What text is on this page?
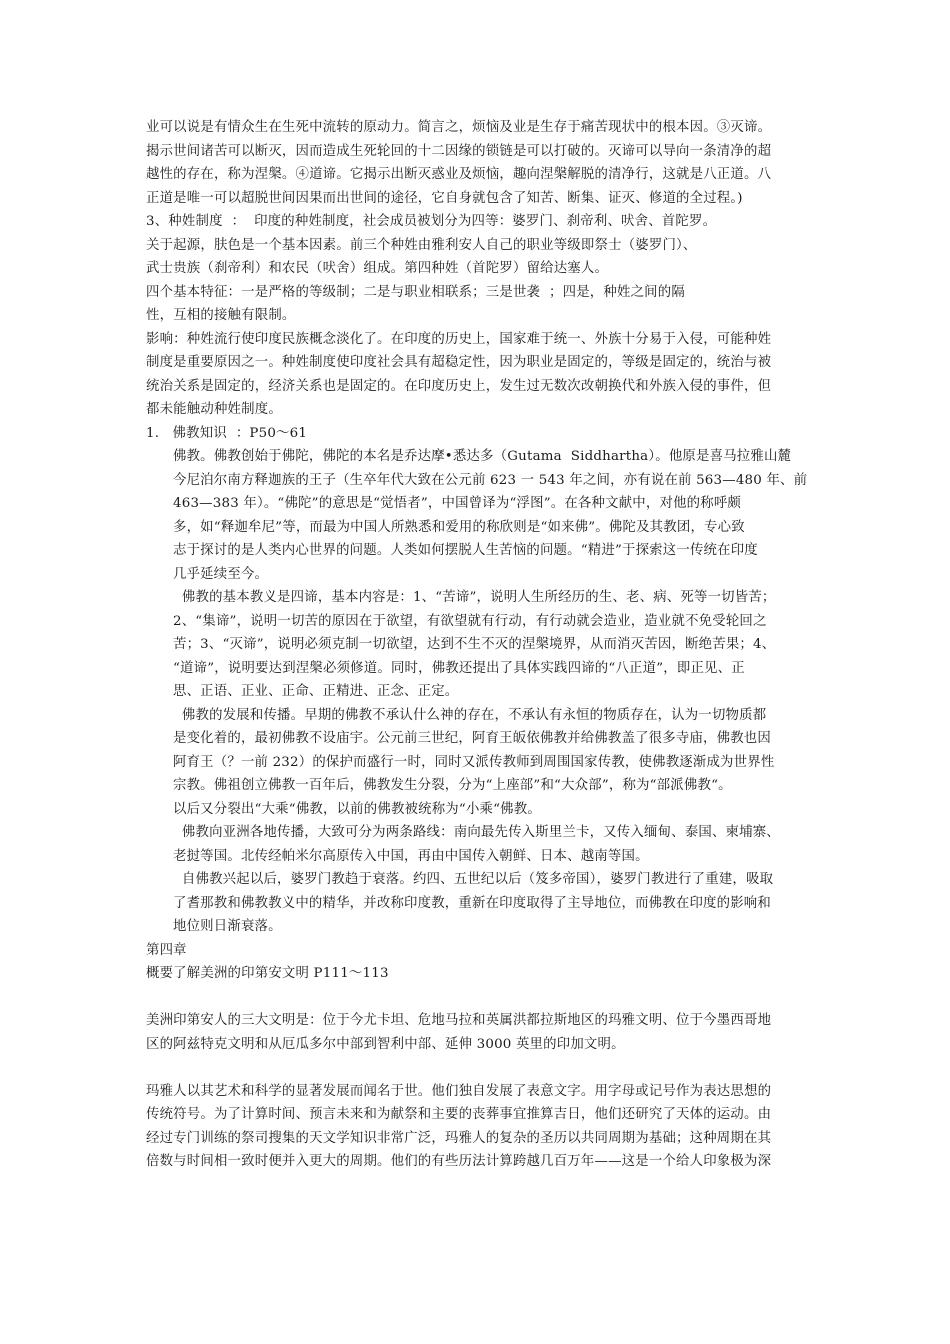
业可以说是有情众生在生死中流转的原动力。简言之，烦恼及业是生存于痛苦现状中的根本因。③灭谛。
揭示世间诸苦可以断灭，因而造成生死轮回的十二因缘的锁链是可以打破的。灭谛可以导向一条清净的超
越性的存在，称为涅槃。④道谛。它揭示出断灭惑业及烦恼，趣向涅槃解脱的清净行，这就是八正道。八
正道是唯一可以超脱世间因果而出世间的途径，它自身就包含了知苦、断集、证灭、修道的全过程。)
3、种姓制度  ：  印度的种姓制度，社会成员被划分为四等：婆罗门、刹帝利、吠舍、首陀罗。
关于起源，肤色是一个基本因素。前三个种姓由雅利安人自己的职业等级即祭士（婆罗门）、
武士贵族（刹帝利）和农民（吠舍）组成。第四种姓（首陀罗）留给达塞人。
四个基本特征：一是严格的等级制；二是与职业相联系；三是世袭  ；四是，种姓之间的隔
性，互相的接触有限制。
影响：种姓流行使印度民族概念淡化了。在印度的历史上，国家难于统一、外族十分易于入侵，可能种姓
制度是重要原因之一。种姓制度使印度社会具有超稳定性，因为职业是固定的，等级是固定的，统治与被
统治关系是固定的，经济关系也是固定的。在印度历史上，发生过无数次改朝换代和外族入侵的事件，但
都未能触动种姓制度。
1.   佛教知识  ：P50～61
佛教。佛教创始于佛陀，佛陀的本名是乔达摩•悉达多（Gutama  Siddhartha）。他原是喜马拉雅山麓
今尼泊尔南方释迦族的王子（生卒年代大致在公元前 623 一 543 年之间，亦有说在前 563—480 年、前
463—383 年）。“佛陀”的意思是“觉悟者”，中国曾译为“浮图”。在各种文献中，对他的称呼颇
多，如“释迦牟尼”等，而最为中国人所熟悉和爱用的称欣则是“如来佛”。佛陀及其教团，专心致
志于探讨的是人类内心世界的问题。人类如何摆脱人生苦恼的问题。“精进”于探索这一传统在印度
几乎延续至今。
佛教的基本教义是四谛，基本内容是：1、“苦谛”，说明人生所经历的生、老、病、死等一切皆苦；
2、“集谛”，说明一切苦的原因在于欲望，有欲望就有行动，有行动就会造业，造业就不免受轮回之
苦；3、“灭谛”，说明必须克制一切欲望，达到不生不灭的涅槃境界，从而消灭苦因，断绝苦果；4、
“道谛”，说明要达到涅槃必须修道。同时，佛教还提出了具体实践四谛的“八正道”，即正见、正
思、正语、正业、正命、正精进、正念、正定。
佛教的发展和传播。早期的佛教不承认什么神的存在，不承认有永恒的物质存在，认为一切物质都
是变化着的，最初佛教不设庙宇。公元前三世纪，阿育王皈依佛教并给佛教盖了很多寺庙，佛教也因
阿育王（？一前 232）的保护而盛行一时，同时又派传教师到周围国家传教，使佛教逐渐成为世界性
宗教。佛祖创立佛教一百年后，佛教发生分裂，分为“上座部”和“大众部”，称为“部派佛教“。
以后又分裂出“大乘“佛教，以前的佛教被统称为“小乘“佛教。
佛教向亚洲各地传播，大致可分为两条路线：南向最先传入斯里兰卡，又传入缅甸、泰国、柬埔寨、
老挝等国。北传经帕米尔高原传入中国，再由中国传入朝鲜、日本、越南等国。
自佛教兴起以后，婆罗门教趋于衰落。约四、五世纪以后（笈多帝国），婆罗门教进行了重建，吸取
了耆那教和佛教教义中的精华，并改称印度教，重新在印度取得了主导地位，而佛教在印度的影响和
地位则日渐衰落。
第四章
概要了解美洲的印第安文明 P111～113
美洲印第安人的三大文明是：位于今尤卡坦、危地马拉和英属洪都拉斯地区的玛雅文明、位于今墨西哥地
区的阿兹特克文明和从厄瓜多尔中部到智利中部、延伸 3000 英里的印加文明。
玛雅人以其艺术和科学的显著发展而闻名于世。他们独自发展了表意文字。用字母或记号作为表达思想的
传统符号。为了计算时间、预言未来和为献祭和主要的丧葬事宜推算吉日，他们还研究了天体的运动。由
经过专门训练的祭司搜集的天文学知识非常广泛，玛雅人的复杂的圣历以共同周期为基础；这种周期在其
倍数与时间相一致时便并入更大的周期。他们的有些历法计算跨越几百万年——这是一个给人印象极为深
